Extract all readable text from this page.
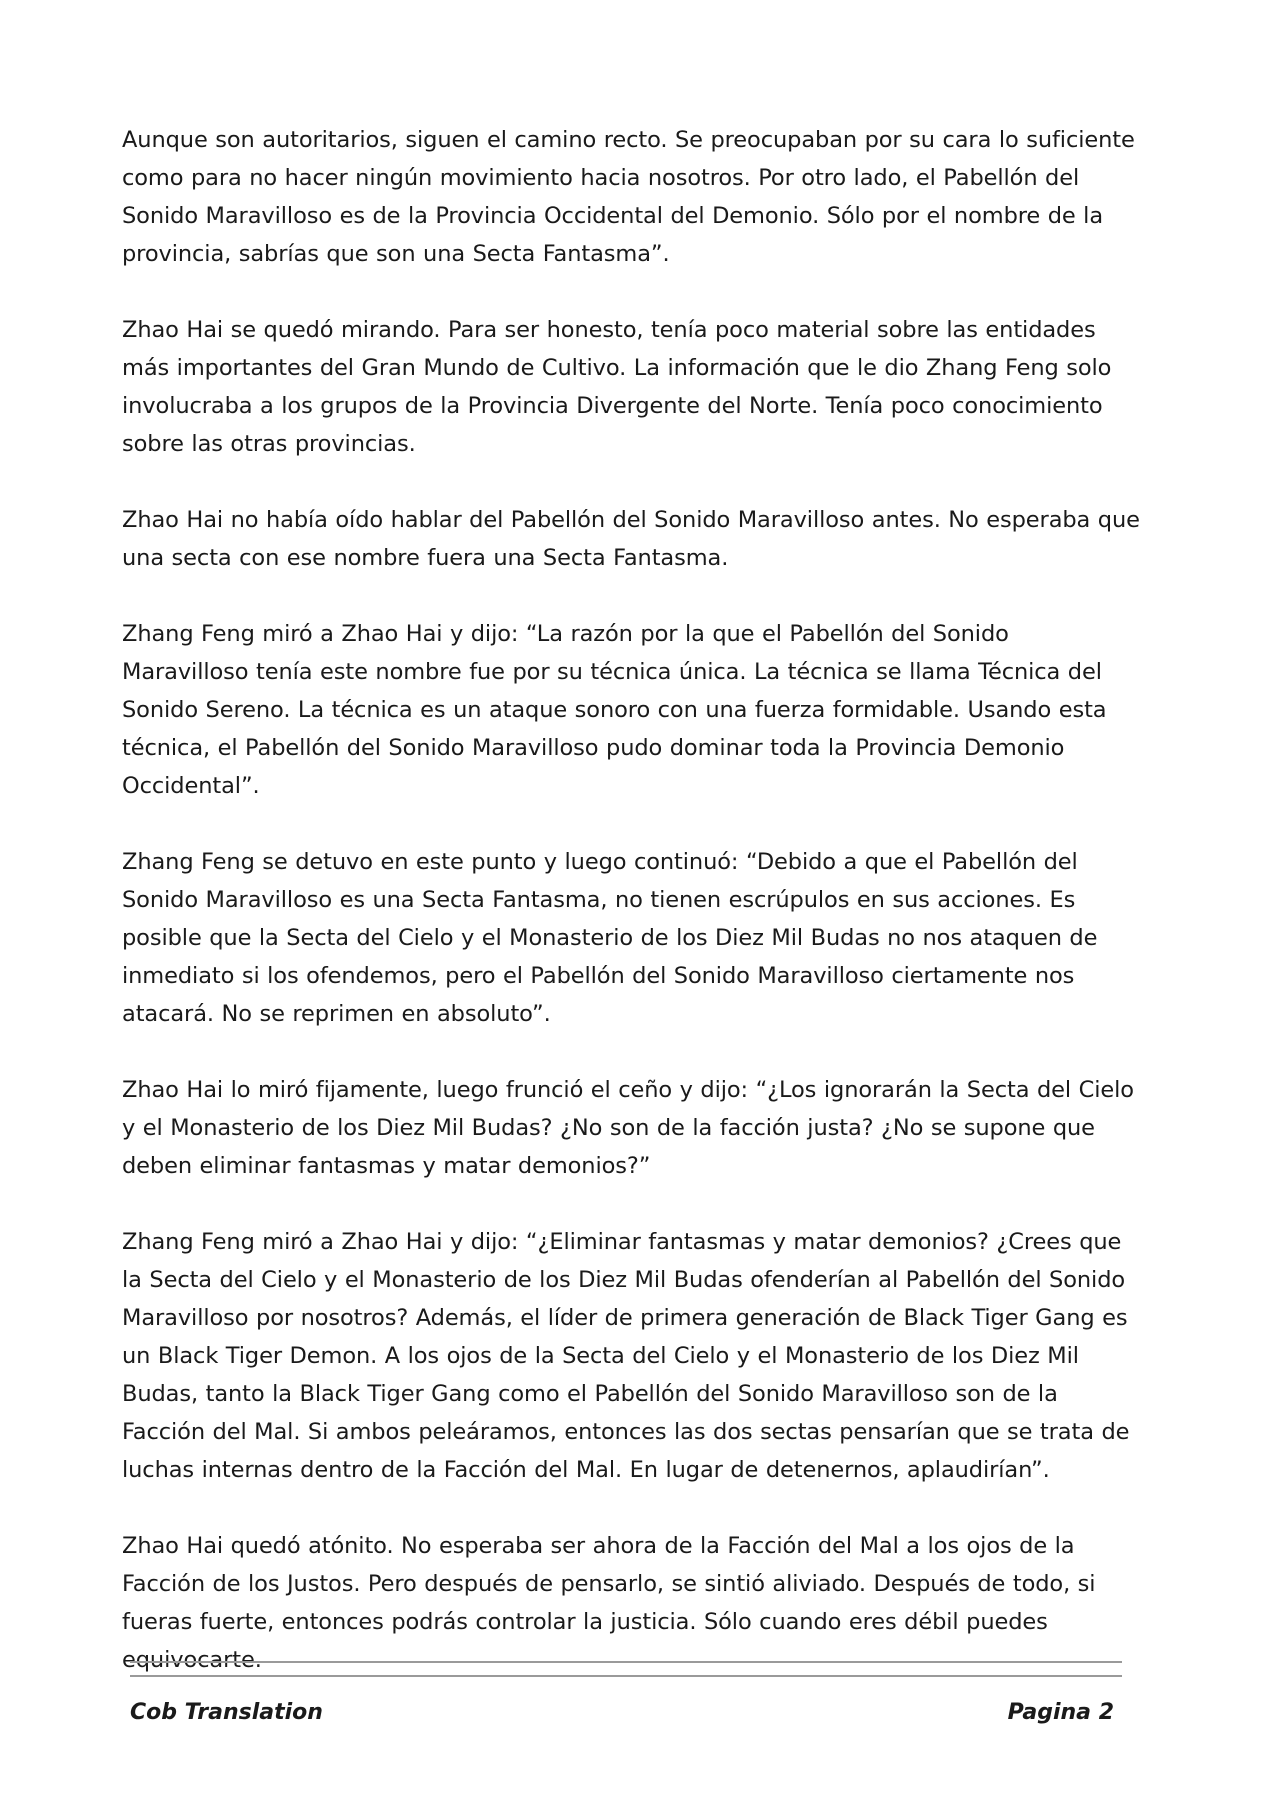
Aunque son autoritarios, siguen el camino recto. Se preocupaban por su cara lo suficiente como para no hacer ningún movimiento hacia nosotros. Por otro lado, el Pabellón del Sonido Maravilloso es de la Provincia Occidental del Demonio. Sólo por el nombre de la provincia, sabrías que son una Secta Fantasma”.

Zhao Hai se quedó mirando. Para ser honesto, tenía poco material sobre las entidades más importantes del Gran Mundo de Cultivo. La información que le dio Zhang Feng solo involucraba a los grupos de la Provincia Divergente del Norte. Tenía poco conocimiento sobre las otras provincias.

Zhao Hai no había oído hablar del Pabellón del Sonido Maravilloso antes. No esperaba que una secta con ese nombre fuera una Secta Fantasma.

Zhang Feng miró a Zhao Hai y dijo: “La razón por la que el Pabellón del Sonido Maravilloso tenía este nombre fue por su técnica única. La técnica se llama Técnica del Sonido Sereno. La técnica es un ataque sonoro con una fuerza formidable. Usando esta técnica, el Pabellón del Sonido Maravilloso pudo dominar toda la Provincia Demonio Occidental”.

Zhang Feng se detuvo en este punto y luego continuó: “Debido a que el Pabellón del Sonido Maravilloso es una Secta Fantasma, no tienen escrúpulos en sus acciones. Es posible que la Secta del Cielo y el Monasterio de los Diez Mil Budas no nos ataquen de inmediato si los ofendemos, pero el Pabellón del Sonido Maravilloso ciertamente nos atacará. No se reprimen en absoluto”.

Zhao Hai lo miró fijamente, luego frunció el ceño y dijo: “¿Los ignorarán la Secta del Cielo y el Monasterio de los Diez Mil Budas? ¿No son de la facción justa? ¿No se supone que deben eliminar fantasmas y matar demonios?”

Zhang Feng miró a Zhao Hai y dijo: “¿Eliminar fantasmas y matar demonios? ¿Crees que la Secta del Cielo y el Monasterio de los Diez Mil Budas ofenderían al Pabellón del Sonido Maravilloso por nosotros? Además, el líder de primera generación de Black Tiger Gang es un Black Tiger Demon. A los ojos de la Secta del Cielo y el Monasterio de los Diez Mil Budas, tanto la Black Tiger Gang como el Pabellón del Sonido Maravilloso son de la Facción del Mal. Si ambos peleáramos, entonces las dos sectas pensarían que se trata de luchas internas dentro de la Facción del Mal. En lugar de detenernos, aplaudirían”.

Zhao Hai quedó atónito. No esperaba ser ahora de la Facción del Mal a los ojos de la Facción de los Justos. Pero después de pensarlo, se sintió aliviado. Después de todo, si fueras fuerte, entonces podrás controlar la justicia. Sólo cuando eres débil puedes equivocarte.

Cob Translation	Pagina 2
